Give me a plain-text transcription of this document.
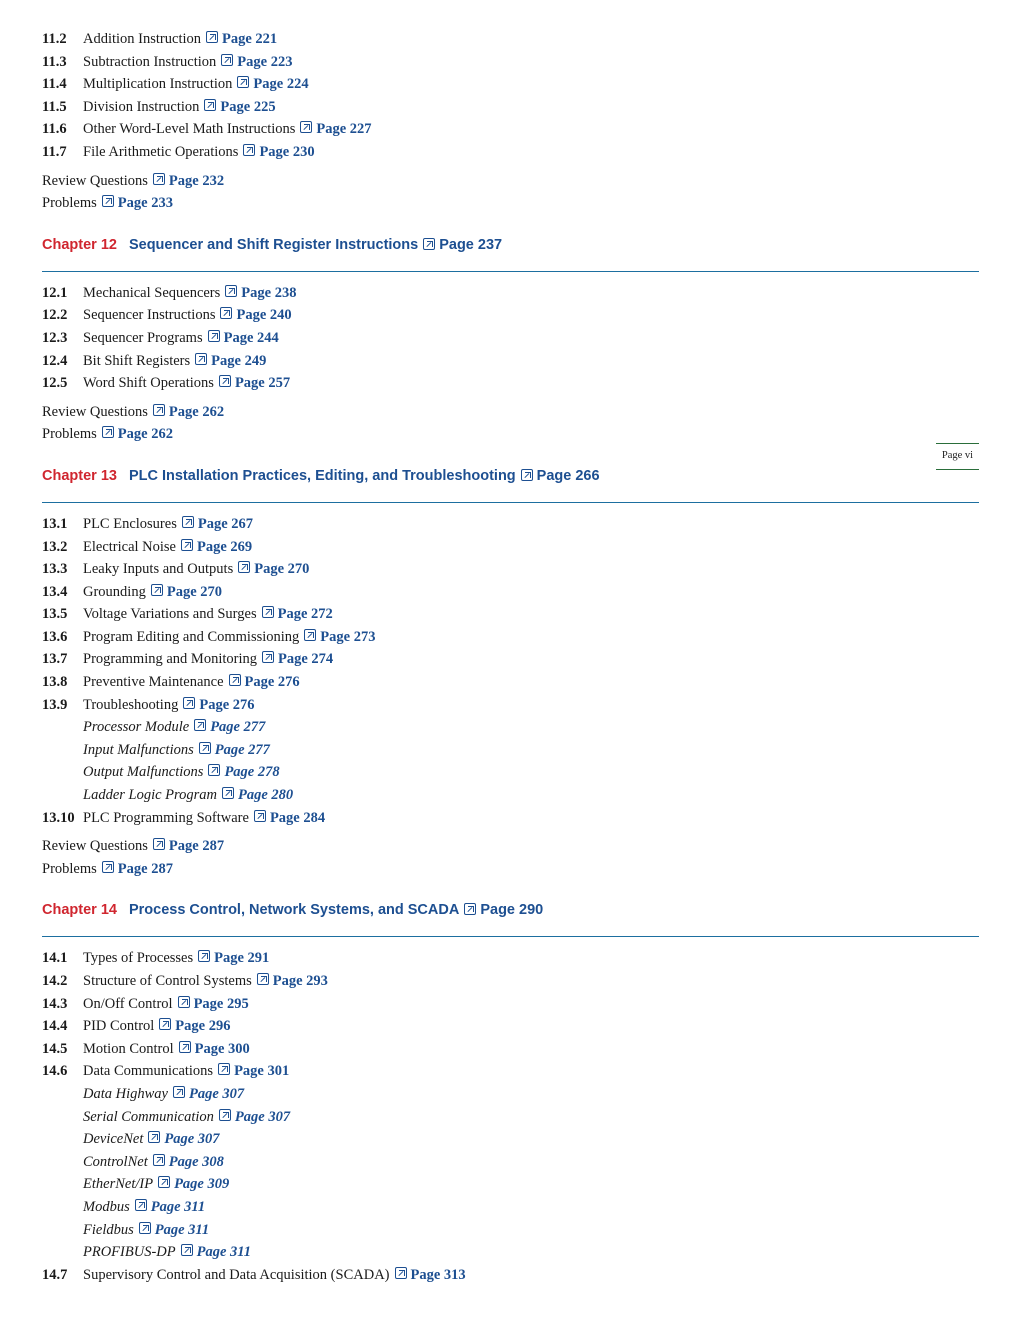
11.2	Addition Instruction Page 221
11.3	Subtraction Instruction Page 223
11.4	Multiplication Instruction Page 224
11.5	Division Instruction Page 225
11.6	Other Word-Level Math Instructions Page 227
11.7	File Arithmetic Operations Page 230
Review Questions Page 232
Problems Page 233
Chapter 12 Sequencer and Shift Register Instructions Page 237
12.1	Mechanical Sequencers Page 238
12.2	Sequencer Instructions Page 240
12.3	Sequencer Programs Page 244
12.4	Bit Shift Registers Page 249
12.5	Word Shift Operations Page 257
Review Questions Page 262
Problems Page 262
Chapter 13 PLC Installation Practices, Editing, and Troubleshooting Page 266
13.1	PLC Enclosures Page 267
13.2	Electrical Noise Page 269
13.3	Leaky Inputs and Outputs Page 270
13.4	Grounding Page 270
13.5	Voltage Variations and Surges Page 272
13.6	Program Editing and Commissioning Page 273
13.7	Programming and Monitoring Page 274
13.8	Preventive Maintenance Page 276
13.9	Troubleshooting Page 276
Processor Module Page 277
Input Malfunctions Page 277
Output Malfunctions Page 278
Ladder Logic Program Page 280
13.10 PLC Programming Software Page 284
Review Questions Page 287
Problems Page 287
Chapter 14 Process Control, Network Systems, and SCADA Page 290
14.1	Types of Processes Page 291
14.2	Structure of Control Systems Page 293
14.3	On/Off Control Page 295
14.4	PID Control Page 296
14.5	Motion Control Page 300
14.6	Data Communications Page 301
Data Highway Page 307
Serial Communication Page 307
DeviceNet Page 307
ControlNet Page 308
EtherNet/IP Page 309
Modbus Page 311
Fieldbus Page 311
PROFIBUS-DP Page 311
14.7	Supervisory Control and Data Acquisition (SCADA) Page 313
Page vi
